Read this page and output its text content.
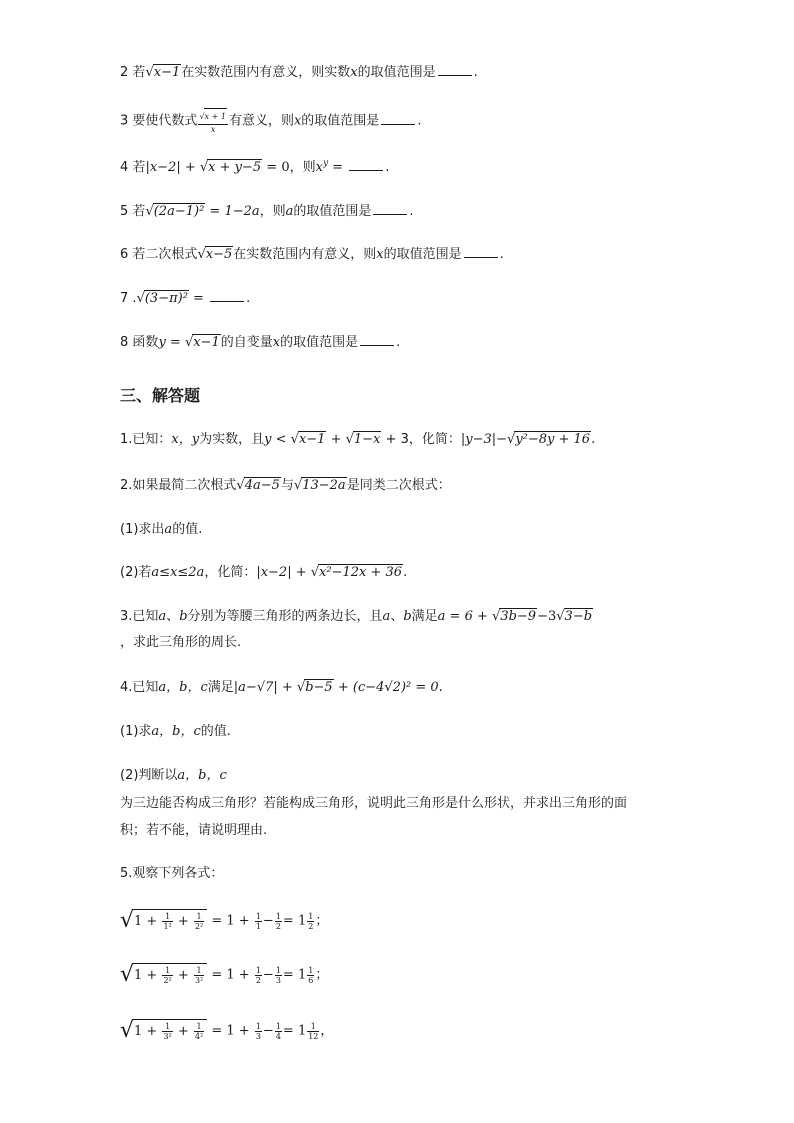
2 若√x−1在实数范围内有意义，则实数x的取值范围是	.
3 要使代数式 $\frac{√x + 1}{x}$ 有意义，则x的取值范围是	.
4 若|x−2| + √x + y−5 = 0，则$x^y$ =	.
5 若√(2a−1)² = 1−2a，则a的取值范围是	.
6 若二次根式√x−5在实数范围内有意义，则x的取值范围是	.
7 .√(3−π)² =	.
8 函数y = √x−1的自变量x的取值范围是	.
三、解答题
1.已知：x，y为实数，且y < √x−1 + √1−x + 3，化简：|y−3|−√y²−8y + 16.
2.如果最简二次根式√4a−5与√13−2a是同类二次根式：
(1)求出a的值.
(2)若a≤x≤2a，化简：|x−2| + √x²−12x + 36.
3.已知a、b分别为等腰三角形的两条边长，且a、b满足a = 6 + √3b−9−3√3−b
，求此三角形的周长.
4.已知a，b，c满足|a−√7| + √b−5 + (c−4√2)² = 0.
(1)求a，b，c的值.
(2)判断以a，b，c
为三边能否构成三角形？若能构成三角形，说明此三角形是什么形状，并求出三角形的面
积；若不能，请说明理由.
5.观察下列各式：
$√1 + \frac{1}{\text{1²}} + \frac{1}{\text{2²}} = 1 + \frac{1}{1} - \frac{1}{2} = 1 \frac{1}{2}$ ；
$√1 + \frac{1}{\text{2²}} + \frac{1}{\text{3²}} = 1 + \frac{1}{2} - \frac{1}{3} = 1 \frac{1}{6}$ ；
$√1 + \frac{1}{\text{3²}} + \frac{1}{\text{4²}} = 1 + \frac{1}{3} - \frac{1}{4} = 1 \frac{1}{12}$ ，
